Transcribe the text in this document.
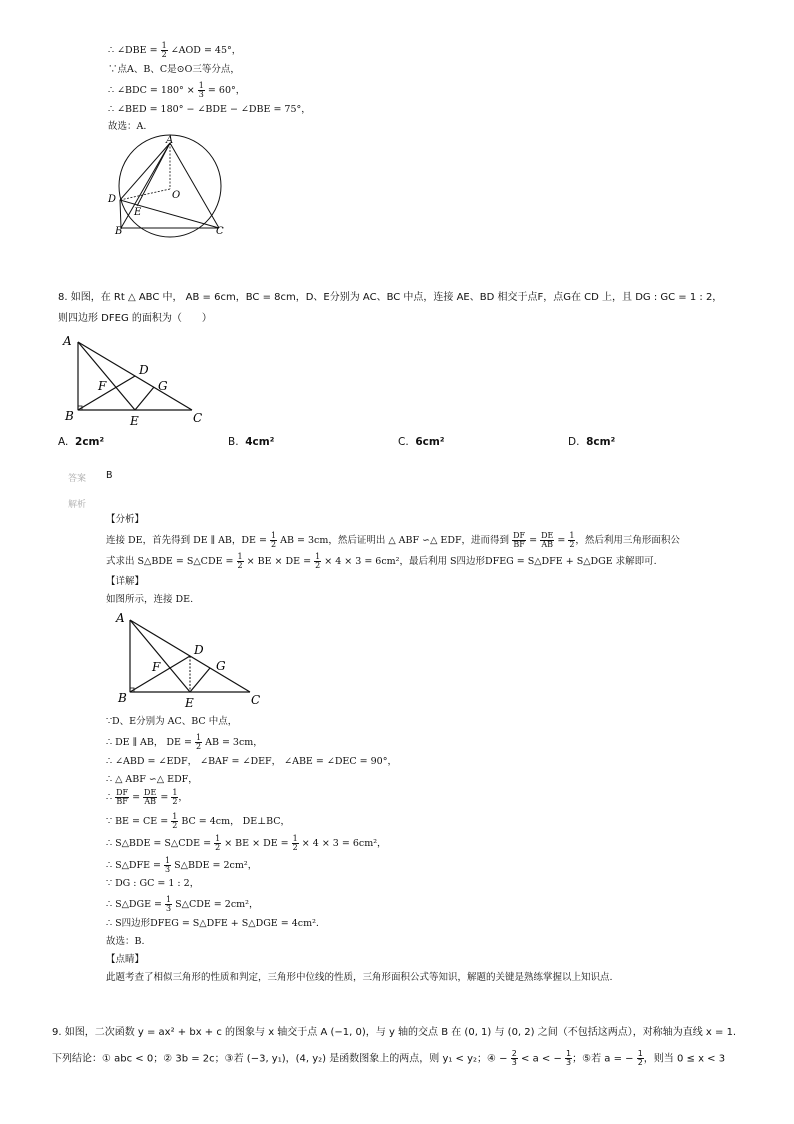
∴ ∠DBE = $\frac{1}{2}$ ∠AOD = 45°，
∵点A、B、C是⊙O三等分点，
∴ ∠BDC = $180^\circ \times \frac{1}{3} = 60^\circ$，
∴ ∠BED = 180° − ∠BDE − ∠DBE = 75°，
故选：A.
A
O
D
E
B	C
8. 如图，在 Rt △ ABC 中， AB = 6cm，BC = 8cm，D、E分别为 AC、BC 中点，连接 AE、BD 相交于点F，点G在 CD 上，且 DG : GC = 1 : 2，
则四边形 DFEG 的面积为（　　）
A
D
G
F
B	E	C
A. 2cm²	B. 4cm²	C. 6cm²	D. 8cm²
答案 B
解析
【分析】
连接 DE，首先得到 DE ∥ AB，DE = $\frac{1}{2}$ AB = 3cm，然后证明出 △ ABF ∽△ EDF，进而得到 $\frac{DF}{BF} = \frac{DE}{AB} = \frac{1}{2}$ ，然后利用三角形面积公
式求出 S△BDE = S△CDE = $\frac{1}{2}$ × BE × DE = $\frac{1}{2} \times 4 \times 3 = 6cm^2$，最后利用 S四边形DFEG = S△DFE + S△DGE 求解即可.
【详解】
如图所示，连接 DE.
A
D
G
F
B	E	C
∵D、E分别为 AC、BC 中点，
∴ DE ∥ AB， DE = $\frac{1}{2}$ AB = 3cm，
∴ ∠ABD = ∠EDF， ∠BAF = ∠DEF， ∠ABE = ∠DEC = 90°，
∴ △ ABF ∽△ EDF，
∴ $\frac{DF}{BF} = \frac{DE}{AB} = \frac{1}{2}$ ，
∵ BE = CE = $\frac{1}{2}$ BC = 4cm， DE⊥BC，
∴ S△BDE = S△CDE = $\frac{1}{2}$ × BE × DE = $\frac{1}{2} \times 4 \times 3 = 6cm^2$，
∴ S△DFE = $\frac{1}{3}$ S△BDE = 2cm²，
∵ DG : GC = 1 : 2，
∴ S△DGE = $\frac{1}{3}$ S△CDE = 2cm²，
∴ S四边形DFEG = S△DFE + S△DGE = 4cm².
故选：B.
【点睛】
此题考查了相似三角形的性质和判定，三角形中位线的性质，三角形面积公式等知识，解题的关键是熟练掌握以上知识点.
9. 如图，二次函数 y = ax² + bx + c 的图象与 x 轴交于点 A (−1, 0)，与 y 轴的交点 B 在 (0, 1) 与 (0, 2) 之间（不包括这两点），对称轴为直线 x = 1.
下列结论：① abc < 0；② 3b = 2c；③若 (−3, y₁)，(4, y₂) 是函数图象上的两点，则 y₁ < y₂；④ − $\frac{2}{3} < a$ < − $\frac{1}{3}$ ；⑤若 a = − $\frac{1}{2}$ ，则当 0 ≤ x < 3
